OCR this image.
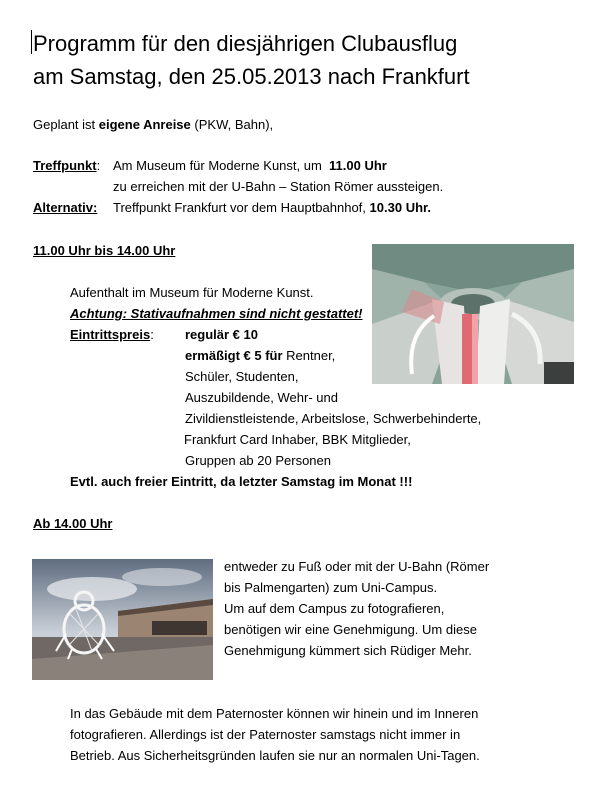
Programm für den diesjährigen Clubausflug
am Samstag, den 25.05.2013 nach Frankfurt
Geplant ist eigene Anreise (PKW, Bahn),
Treffpunkt: Am Museum für Moderne Kunst, um 11.00 Uhr
zu erreichen mit der U-Bahn – Station Römer aussteigen.
Alternativ: Treffpunkt Frankfurt vor dem Hauptbahnhof, 10.30 Uhr.
11.00 Uhr bis 14.00 Uhr
Aufenthalt im Museum für Moderne Kunst.
Achtung: Stativaufnahmen sind nicht gestattet!
Eintrittspreis: regulär € 10
ermäßigt € 5 für Rentner,
Schüler, Studenten,
Auszubildende, Wehr- und
Zivildienstleistende, Arbeitslose, Schwerbehinderte,
Frankfurt Card Inhaber, BBK Mitglieder,
Gruppen ab 20 Personen
Evtl. auch freier Eintritt, da letzter Samstag im Monat !!!
Ab 14.00 Uhr
entweder zu Fuß oder mit der U-Bahn (Römer
bis Palmengarten) zum Uni-Campus.
Um auf dem Campus zu fotografieren,
benötigen wir eine Genehmigung. Um diese
Genehmigung kümmert sich Rüdiger Mehr.
In das Gebäude mit dem Paternoster können wir hinein und im Inneren
fotografieren. Allerdings ist der Paternoster samstags nicht immer in
Betrieb. Aus Sicherheitsgründen laufen sie nur an normalen Uni-Tagen.
